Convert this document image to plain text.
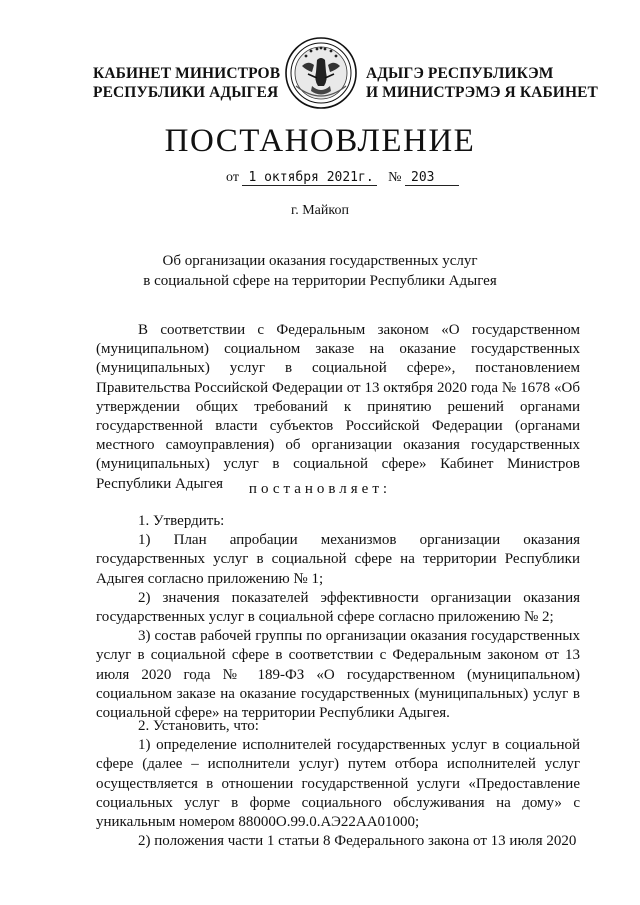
КАБИНЕТ МИНИСТРОВ
РЕСПУБЛИКИ АДЫГЕЯ
АДЫГЭ РЕСПУБЛИКЭМ
И МИНИСТРЭМЭ Я КАБИНЕТ
ПОСТАНОВЛЕНИЕ
от 1 октября 2021г. № 203
г. Майкоп
Об организации оказания государственных услуг
в социальной сфере на территории Республики Адыгея

В соответствии с Федеральным законом «О государственном (муниципальном) социальном заказе на оказание государственных (муниципальных) услуг в социальной сфере», постановлением Правительства Российской Федерации от 13 октября 2020 года № 1678 «Об утверждении общих требований к принятию решений органами государственной власти субъектов Российской Федерации (органами местного самоуправления) об организации оказания государственных (муниципальных) услуг в социальной сфере» Кабинет Министров Республики Адыгея	постановляет:

1. Утвердить:

1) План апробации механизмов организации оказания государственных услуг в социальной сфере на территории Республики Адыгея согласно приложению № 1;

2) значения показателей эффективности организации оказания государственных услуг в социальной сфере согласно приложению № 2;

3) состав рабочей группы по организации оказания государственных услуг в социальной сфере в соответствии с Федеральным законом от 13 июля 2020 года № 189-ФЗ «О государственном (муниципальном) социальном заказе на оказание государственных (муниципальных) услуг в социальной сфере» на территории Республики Адыгея.

2. Установить, что:

1) определение исполнителей государственных услуг в социальной сфере (далее – исполнители услуг) путем отбора исполнителей услуг осуществляется в отношении государственной услуги «Предоставление социальных услуг в форме социального обслуживания на дому» с уникальным номером 88000О.99.0.АЭ22АА01000;

2) положения части 1 статьи 8 Федерального закона от 13 июля 2020
